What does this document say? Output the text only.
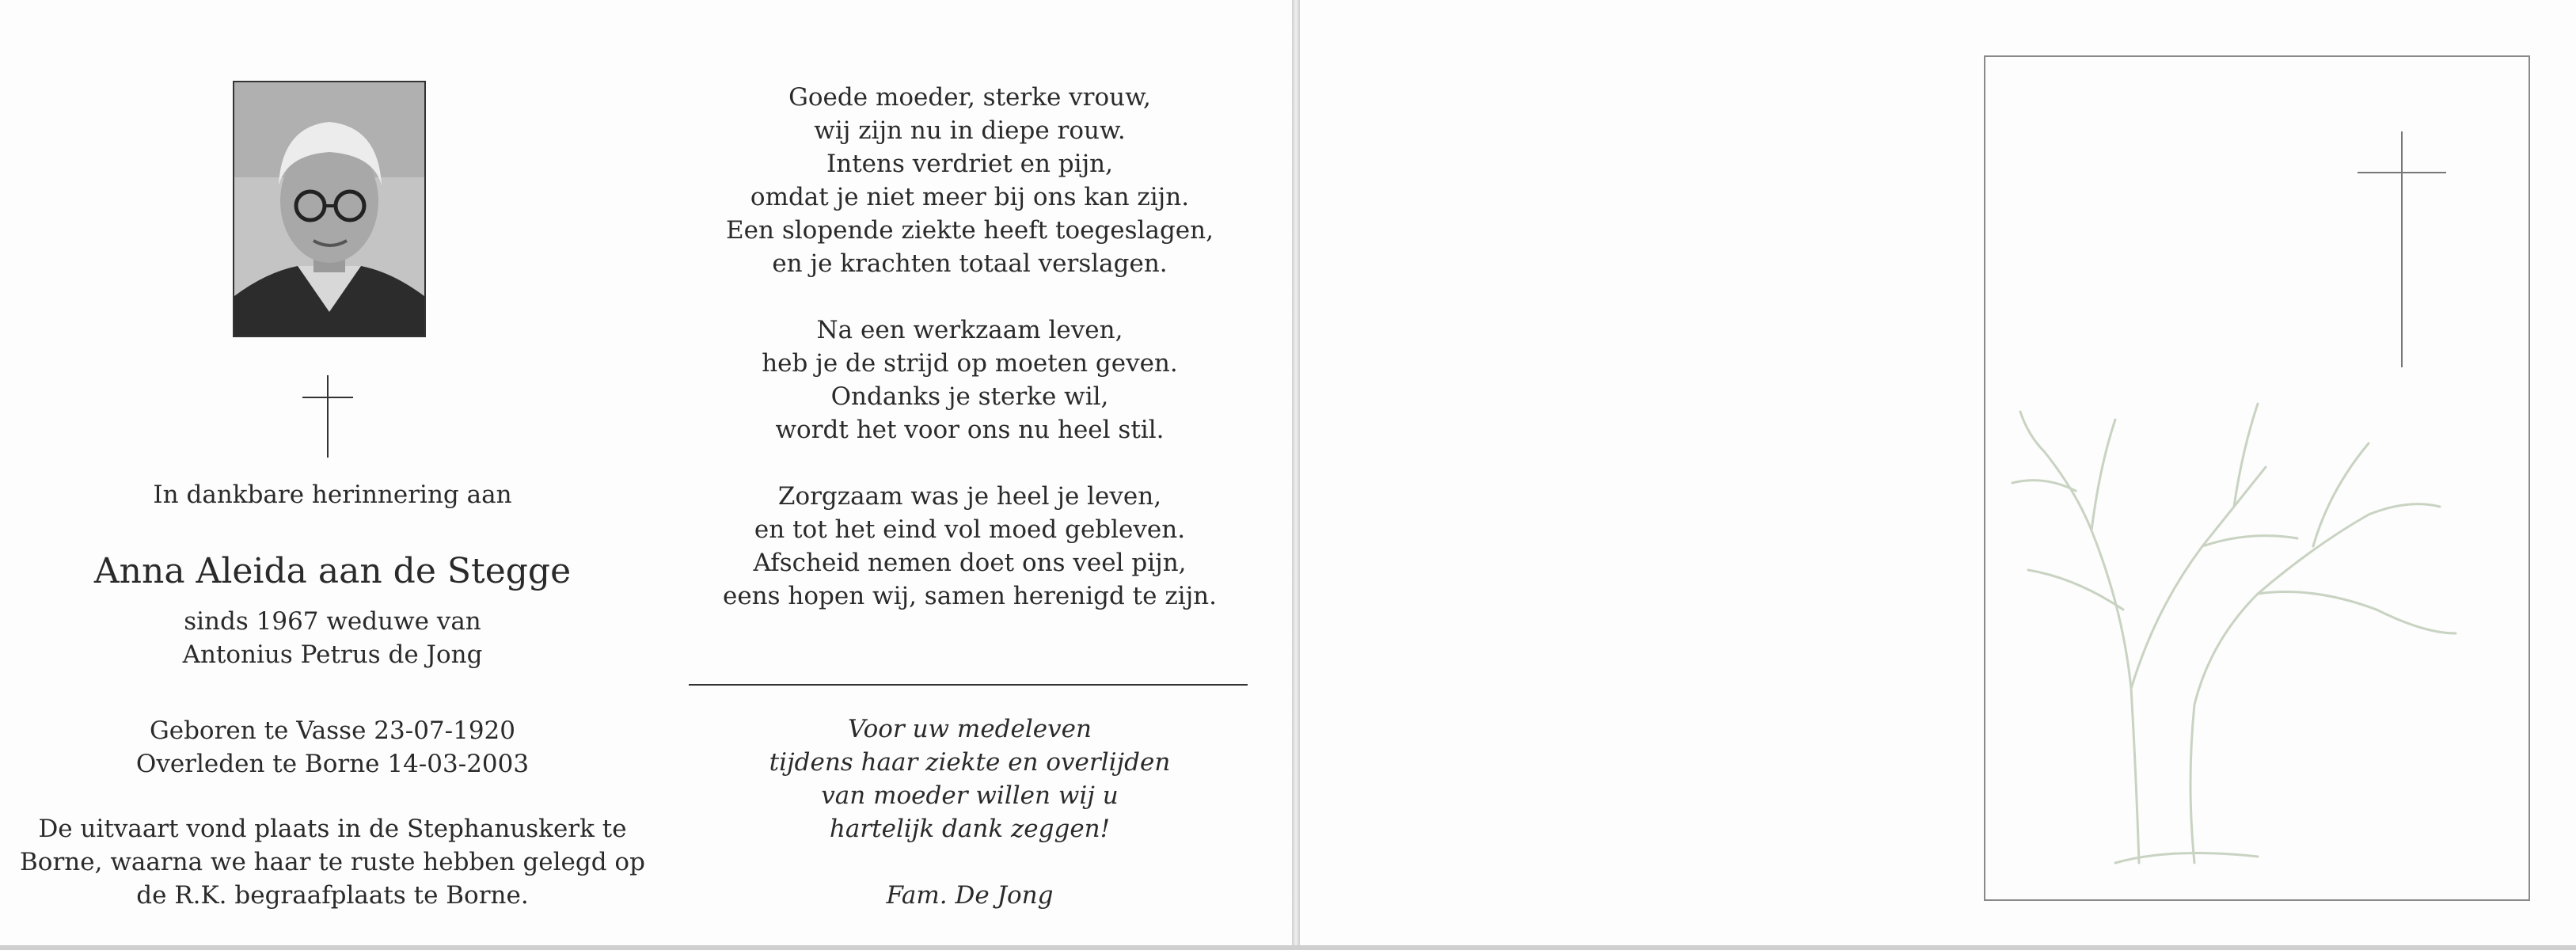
In dankbare herinnering aan
Anna Aleida aan de Stegge
sinds 1967 weduwe van
Antonius Petrus de Jong
Geboren te Vasse 23-07-1920
Overleden te Borne 14-03-2003
De uitvaart vond plaats in de Stephanuskerk te
Borne, waarna we haar te ruste hebben gelegd op
de R.K. begraafplaats te Borne.
Goede moeder, sterke vrouw,
wij zijn nu in diepe rouw.
Intens verdriet en pijn,
omdat je niet meer bij ons kan zijn.
Een slopende ziekte heeft toegeslagen,
en je krachten totaal verslagen.
Na een werkzaam leven,
heb je de strijd op moeten geven.
Ondanks je sterke wil,
wordt het voor ons nu heel stil.
Zorgzaam was je heel je leven,
en tot het eind vol moed gebleven.
Afscheid nemen doet ons veel pijn,
eens hopen wij, samen herenigd te zijn.
Voor uw medeleven
tijdens haar ziekte en overlijden
van moeder willen wij u
hartelijk dank zeggen!
Fam. De Jong
